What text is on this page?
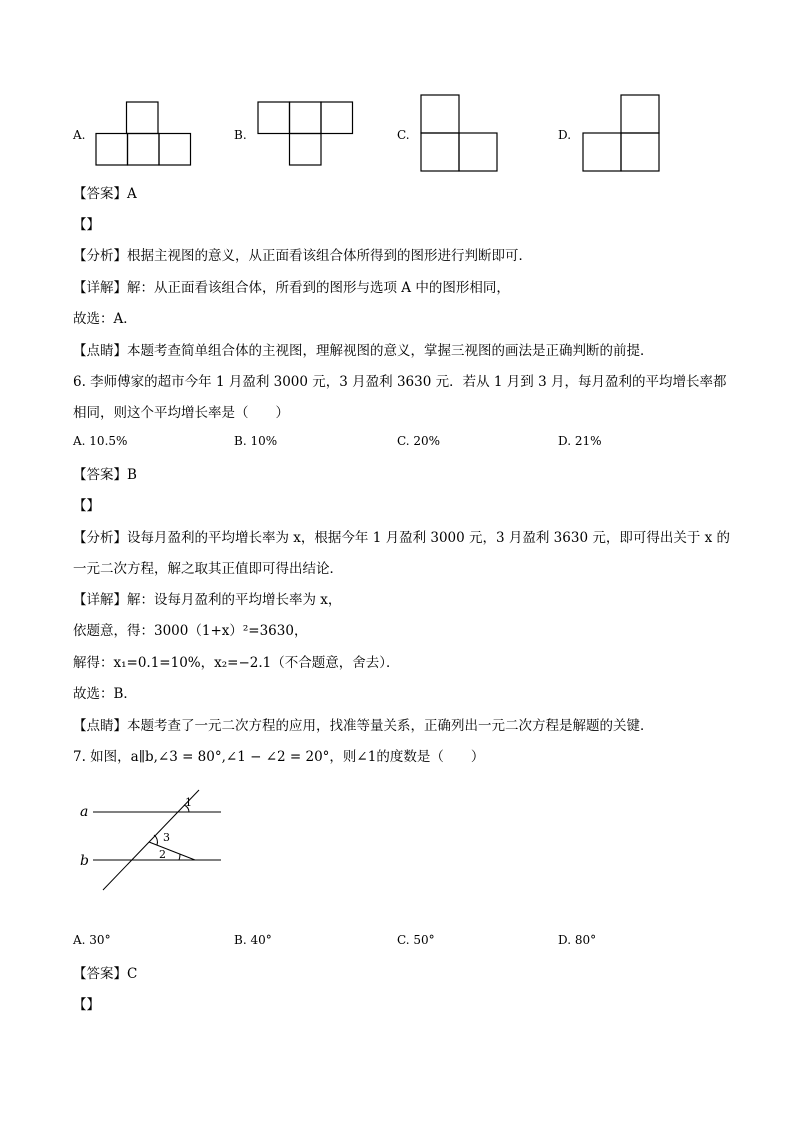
A.	B.	C.	D.
【答案】A
【】
【分析】根据主视图的意义，从正面看该组合体所得到的图形进行判断即可．
【详解】解：从正面看该组合体，所看到的图形与选项 A 中的图形相同，
故选：A．
【点睛】本题考查简单组合体的主视图，理解视图的意义，掌握三视图的画法是正确判断的前提．
6. 李师傅家的超市今年 1 月盈利 3000 元，3 月盈利 3630 元．若从 1 月到 3 月，每月盈利的平均增长率都
相同，则这个平均增长率是（　　）
A. 10.5%	B. 10%	C. 20%	D. 21%
【答案】B
【】
【分析】设每月盈利的平均增长率为 x，根据今年 1 月盈利 3000 元，3 月盈利 3630 元，即可得出关于 x 的
一元二次方程，解之取其正值即可得出结论．
【详解】解：设每月盈利的平均增长率为 x，
依题意，得：3000（1+x）²=3630，
解得：x₁=0.1=10%，x₂=−2.1（不合题意，舍去）．
故选：B．
【点睛】本题考查了一元二次方程的应用，找准等量关系，正确列出一元二次方程是解题的关键．
7. 如图，a∥b,∠3 = 80°,∠1 − ∠2 = 20°，则∠1的度数是（　　）
a
b
1
3
2
A. 30°	B. 40°	C. 50°	D. 80°
【答案】C
【】
